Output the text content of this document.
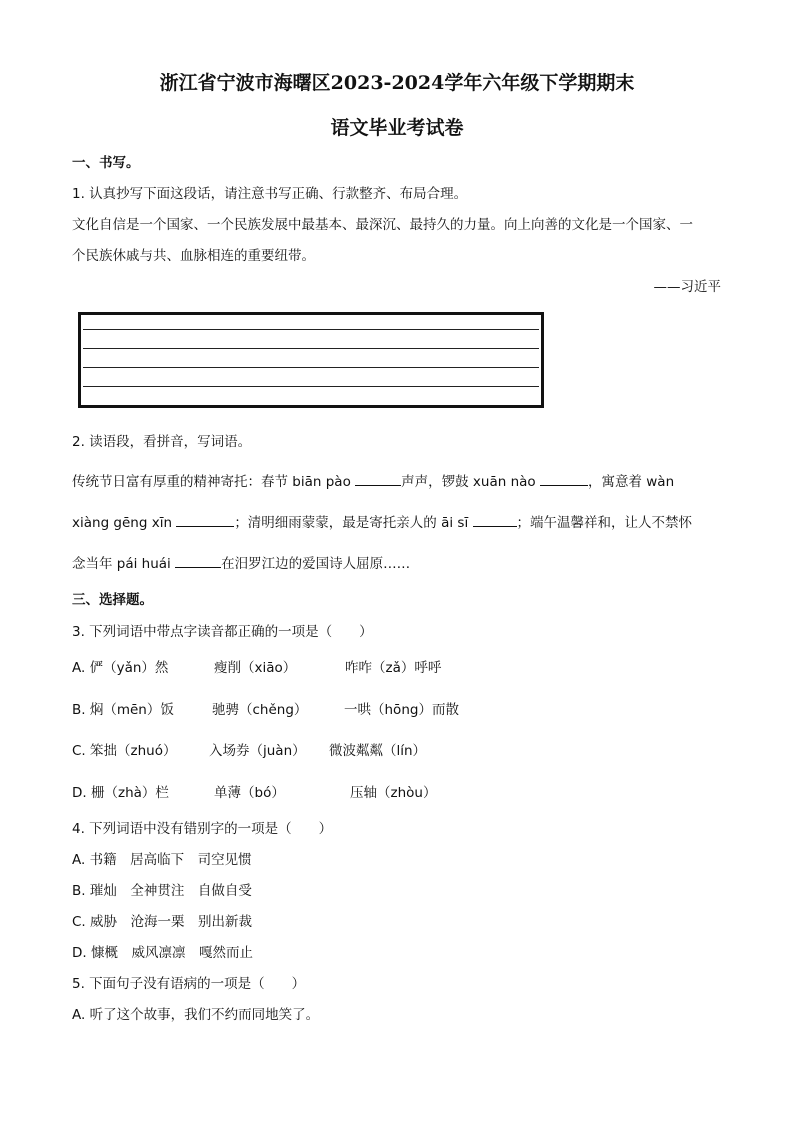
浙江省宁波市海曙区2023-2024学年六年级下学期期末
语文毕业考试卷
一、书写。
1. 认真抄写下面这段话，请注意书写正确、行款整齐、布局合理。
文化自信是一个国家、一个民族发展中最基本、最深沉、最持久的力量。向上向善的文化是一个国家、一
个民族休戚与共、血脉相连的重要纽带。
——习近平
2. 读语段，看拼音，写词语。
传统节日富有厚重的精神寄托：春节 biān pào	声声，锣鼓 xuān nào	，寓意着 wàn
xiàng gēng xīn	；清明细雨蒙蒙，最是寄托亲人的 āi sī	；端午温馨祥和，让人不禁怀
念当年 pái huái	在汨罗江边的爱国诗人屈原……
三、选择题。
3. 下列词语中带点字读音都正确的一项是（　　）
A. 俨（yǎn）然	瘦削（xiāo）	咋咋（zǎ）呼呼
B. 焖（mēn）饭	驰骋（chěng）	一哄（hōng）而散
C. 笨拙（zhuó） 入场券（juàn） 微波粼粼（lín）
D. 栅（zhà）栏	单薄（bó）	压轴（zhòu）
4. 下列词语中没有错别字的一项是（　　）
A. 书籍　居高临下　司空见惯
B. 璀灿　全神贯注　自做自受
C. 威胁　沧海一栗　别出新裁
D. 慷概　威风凛凛　嘎然而止
5. 下面句子没有语病的一项是（　　）
A. 听了这个故事，我们不约而同地笑了。
